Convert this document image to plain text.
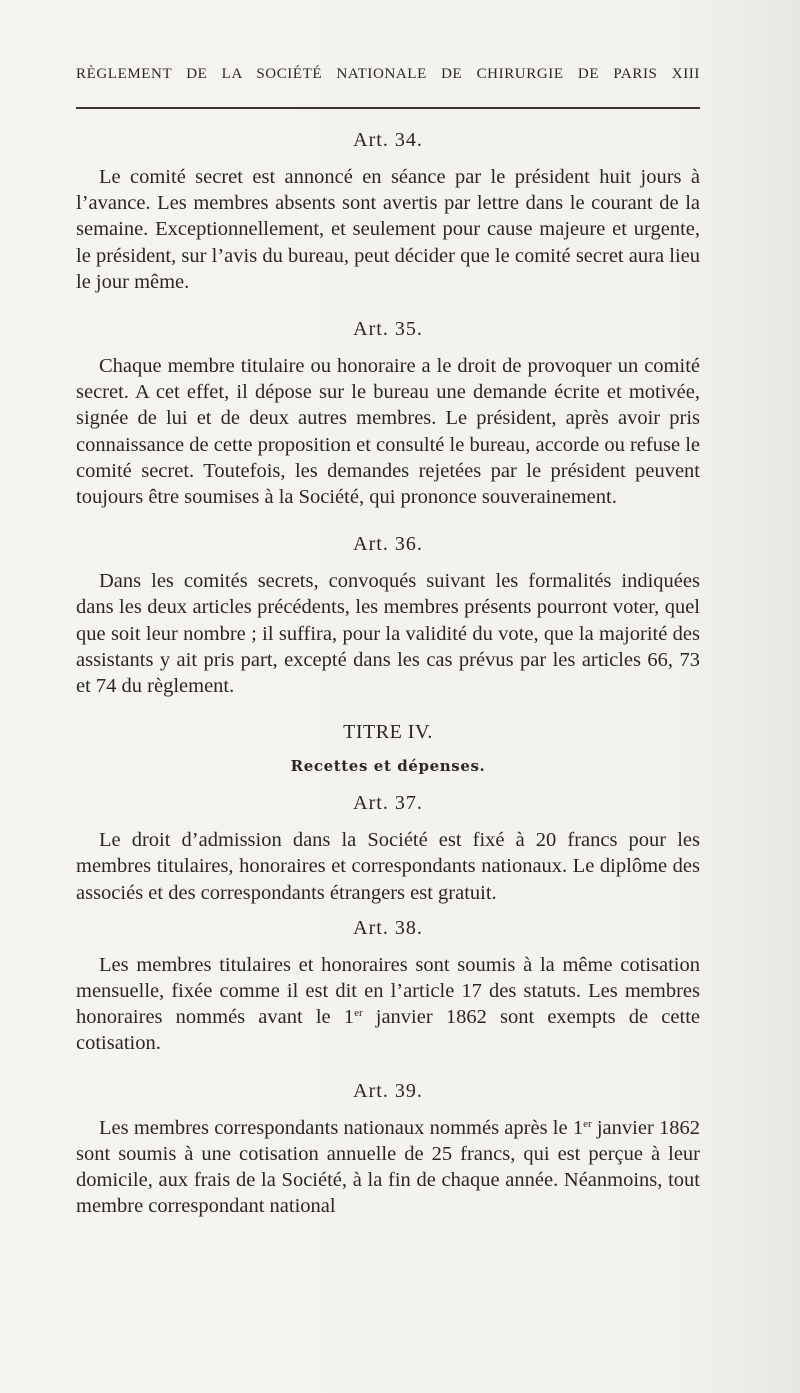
RÈGLEMENT DE LA SOCIÉTÉ NATIONALE DE CHIRURGIE DE PARIS XIII
Art. 34.

Le comité secret est annoncé en séance par le président huit jours à l’avance. Les membres absents sont avertis par lettre dans le courant de la semaine. Exceptionnellement, et seulement pour cause majeure et urgente, le président, sur l’avis du bureau, peut décider que le comité secret aura lieu le jour même.

Art. 35.

Chaque membre titulaire ou honoraire a le droit de provoquer un comité secret. A cet effet, il dépose sur le bureau une demande écrite et motivée, signée de lui et de deux autres membres. Le président, après avoir pris connaissance de cette proposition et consulté le bureau, accorde ou refuse le comité secret. Toutefois, les demandes rejetées par le président peuvent toujours être soumises à la Société, qui prononce souverainement.

Art. 36.

Dans les comités secrets, convoqués suivant les formalités indiquées dans les deux articles précédents, les membres présents pourront voter, quel que soit leur nombre ; il suffira, pour la validité du vote, que la majorité des assistants y ait pris part, excepté dans les cas prévus par les articles 66, 73 et 74 du règlement.

TITRE IV.
Recettes et dépenses.
Art. 37.

Le droit d’admission dans la Société est fixé à 20 francs pour les membres titulaires, honoraires et correspondants nationaux. Le diplôme des associés et des correspondants étrangers est gratuit.

Art. 38.

Les membres titulaires et honoraires sont soumis à la même cotisation mensuelle, fixée comme il est dit en l’article 17 des statuts. Les membres honoraires nommés avant le 1er janvier 1862 sont exempts de cette cotisation.

Art. 39.

Les membres correspondants nationaux nommés après le 1er janvier 1862 sont soumis à une cotisation annuelle de 25 francs, qui est perçue à leur domicile, aux frais de la Société, à la fin de chaque année. Néanmoins, tout membre correspondant national
